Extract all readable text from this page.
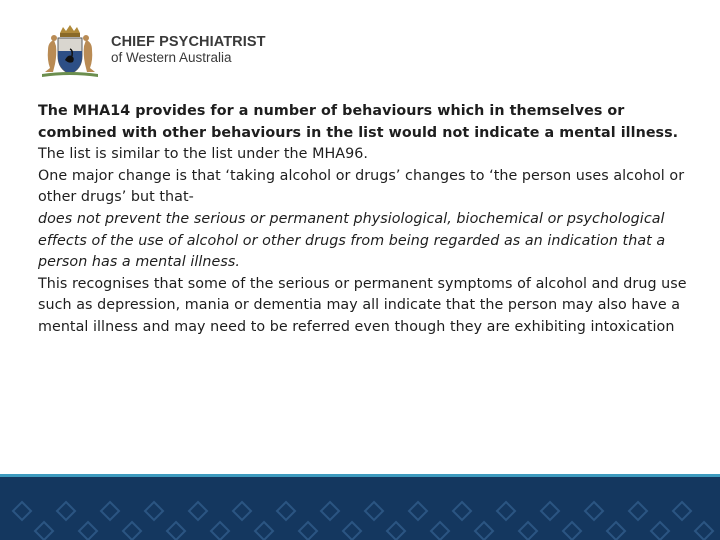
CHIEF PSYCHIATRIST
of Western Australia

The MHA14 provides for a number of behaviours which in themselves or combined with other behaviours in the list would not indicate a mental illness.

The list is similar to the list under the MHA96.

One major change is that ‘taking alcohol or drugs’ changes to ‘the person uses alcohol or other drugs’ but that-

does not prevent the serious or permanent physiological, biochemical or psychological effects of the use of alcohol or other drugs from being regarded as an indication that a person has a mental illness.

This recognises that some of the serious or permanent symptoms of alcohol and drug use such as depression, mania or dementia may all indicate that the person may also have a mental illness and may need to be referred even though they are exhibiting intoxication
